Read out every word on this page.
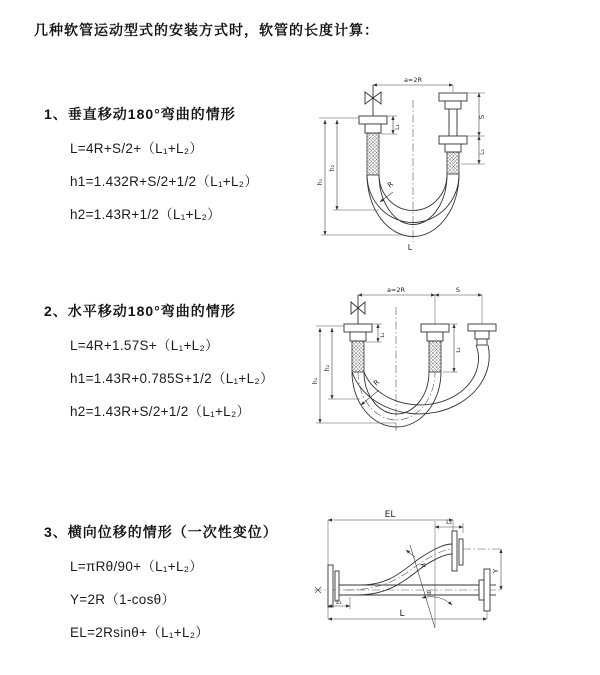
几种软管运动型式的安装方式时，软管的长度计算：
1、垂直移动180°弯曲的情形
L=4R+S/2+（L₁+L₂）
h1=1.432R+S/2+1/2（L₁+L₂）
h2=1.43R+1/2（L₁+L₂）
a=2R
R
h₁
h₂
L₁
S
L₂
L
2、水平移动180°弯曲的情形
L=4R+1.57S+（L₁+L₂）
h1=1.43R+0.785S+1/2（L₁+L₂）
h2=1.43R+S/2+1/2（L₁+L₂）
a=2R	S
R
h₁
h₂
L₁
L₂
3、横向位移的情形（一次性变位）
L=πRθ/90+（L₁+L₂）
Y=2R（1-cosθ）
EL=2Rsinθ+（L₁+L₂）
EL
L₂
θ
R
Y
L₁
L
